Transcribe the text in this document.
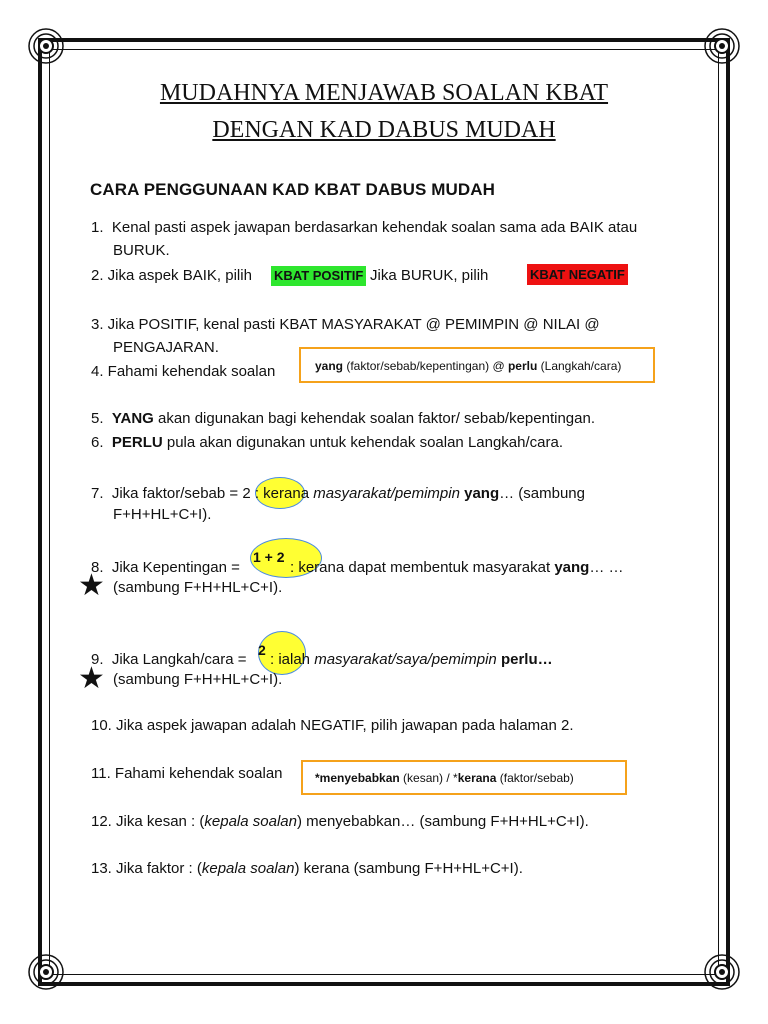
MUDAHNYA MENJAWAB SOALAN KBAT
DENGAN KAD DABUS MUDAH
CARA PENGGUNAAN KAD KBAT DABUS MUDAH
1.  Kenal pasti aspek jawapan berdasarkan kehendak soalan sama ada BAIK atau
BURUK.
2. Jika aspek BAIK, pilih KBAT POSITIF Jika BURUK, pilih	KBAT NEGATIF
3. Jika POSITIF, kenal pasti KBAT MASYARAKAT @ PEMIMPIN @ NILAI @
PENGAJARAN.
4. Fahami kehendak soalan	yang (faktor/sebab/kepentingan) @ perlu (Langkah/cara)
5.  YANG akan digunakan bagi kehendak soalan faktor/ sebab/kepentingan.
6.  PERLU pula akan digunakan untuk kehendak soalan Langkah/cara.
7.  Jika faktor/sebab = 2 : kerana masyarakat/pemimpin yang… (sambung
F+H+HL+C+I).
1 + 2
8.  Jika Kepentingan =	: kerana dapat membentuk masyarakat yang… …
★ (sambung F+H+HL+C+I).
2
9.  Jika Langkah/cara = : ialah masyarakat/saya/pemimpin perlu…
★ (sambung F+H+HL+C+I).
10. Jika aspek jawapan adalah NEGATIF, pilih jawapan pada halaman 2.
11. Fahami kehendak soalan	*menyebabkan (kesan) / *kerana (faktor/sebab)
12. Jika kesan : (kepala soalan) menyebabkan… (sambung F+H+HL+C+I).
13. Jika faktor : (kepala soalan) kerana (sambung F+H+HL+C+I).
